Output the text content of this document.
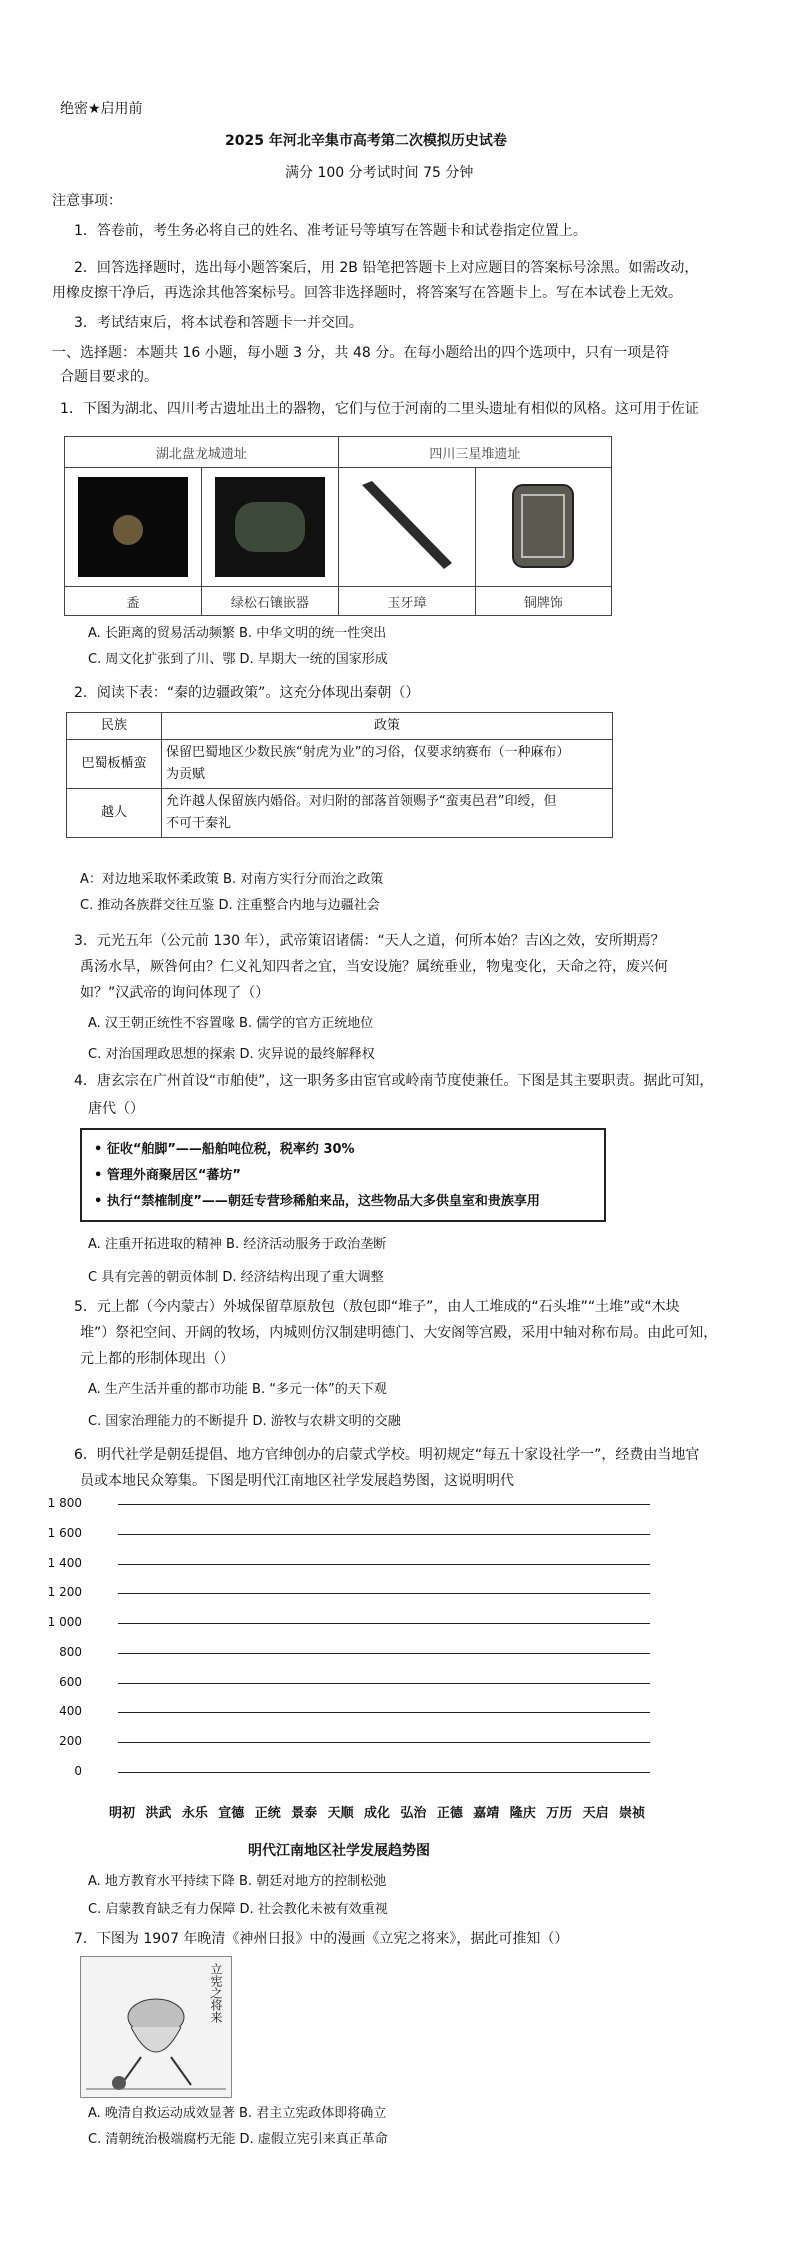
绝密★启用前
2025 年河北辛集市高考第二次模拟历史试卷
满分 100 分考试时间 75 分钟
注意事项：
1．答卷前，考生务必将自己的姓名、准考证号等填写在答题卡和试卷指定位置上。
2．回答选择题时，选出每小题答案后，用 2B 铅笔把答题卡上对应题目的答案标号涂黑。如需改动，
用橡皮擦干净后，再选涂其他答案标号。回答非选择题时，将答案写在答题卡上。写在本试卷上无效。
3．考试结束后，将本试卷和答题卡一并交回。
一、选择题：本题共 16 小题，每小题 3 分，共 48 分。在每小题给出的四个选项中，只有一项是符
合题目要求的。
1．下图为湖北、四川考古遗址出土的器物，它们与位于河南的二里头遗址有相似的风格。这可用于佐证
湖北盘龙城遗址		四川三星堆遗址	

盉	绿松石镶嵌器	玉牙璋	铜牌饰
A. 长距离的贸易活动频繁 B. 中华文明的统一性突出
C. 周文化扩张到了川、鄂 D. 早期大一统的国家形成
2．阅读下表：“秦的边疆政策”。这充分体现出秦朝（）
民族	政策
巴蜀板楯蛮	保留巴蜀地区少数民族“射虎为业”的习俗，仅要求纳赛布（一种麻布）
为贡赋

越人	允许越人保留族内婚俗。对归附的部落首领赐予“蛮夷邑君”印绶，但
不可干秦礼
A：对边地采取怀柔政策 B. 对南方实行分而治之政策
C. 推动各族群交往互鉴 D. 注重整合内地与边疆社会
3．元光五年（公元前 130 年），武帝策诏诸儒：“天人之道，何所本始？吉凶之效，安所期焉？
禹汤水旱，厥咎何由？仁义礼知四者之宜，当安设施？属统垂业，物鬼变化，天命之符，废兴何
如？”汉武帝的询问体现了（）
A. 汉王朝正统性不容置喙 B. 儒学的官方正统地位
C. 对治国理政思想的探索 D. 灾异说的最终解释权
4．唐玄宗在广州首设“市舶使”，这一职务多由宦官或岭南节度使兼任。下图是其主要职责。据此可知，
唐代（）
• 征收“舶脚”——船舶吨位税，税率约 30%
• 管理外商聚居区“蕃坊”
• 执行“禁榷制度”——朝廷专营珍稀舶来品，这些物品大多供皇室和贵族享用
A. 注重开拓进取的精神 B. 经济活动服务于政治垄断
C 具有完善的朝贡体制 D. 经济结构出现了重大调整
5．元上都（今内蒙古）外城保留草原敖包（敖包即“堆子”，由人工堆成的“石头堆”“土堆”或“木块
堆”）祭祀空间、开阔的牧场，内城则仿汉制建明德门、大安阁等宫殿，采用中轴对称布局。由此可知，
元上都的形制体现出（）
A. 生产生活并重的都市功能 B. “多元一体”的天下观
C. 国家治理能力的不断提升 D. 游牧与农耕文明的交融
6．明代社学是朝廷提倡、地方官绅创办的启蒙式学校。明初规定“每五十家设社学一”，经费由当地官
员或本地民众筹集。下图是明代江南地区社学发展趋势图，这说明明代
1 800
1 600
1 400
1 200
1 000
800
600
400
200
0
明初 洪武 永乐 宣德 正统 景泰 天顺 成化 弘治 正德 嘉靖 隆庆 万历 天启 崇祯
明代江南地区社学发展趋势图
A. 地方教育水平持续下降 B. 朝廷对地方的控制松弛
C. 启蒙教育缺乏有力保障 D. 社会教化未被有效重视
7．下图为 1907 年晚清《神州日报》中的漫画《立宪之将来》，据此可推知（）
立宪之将来
A. 晚清自救运动成效显著 B. 君主立宪政体即将确立
C. 清朝统治极端腐朽无能 D. 虚假立宪引来真正革命
